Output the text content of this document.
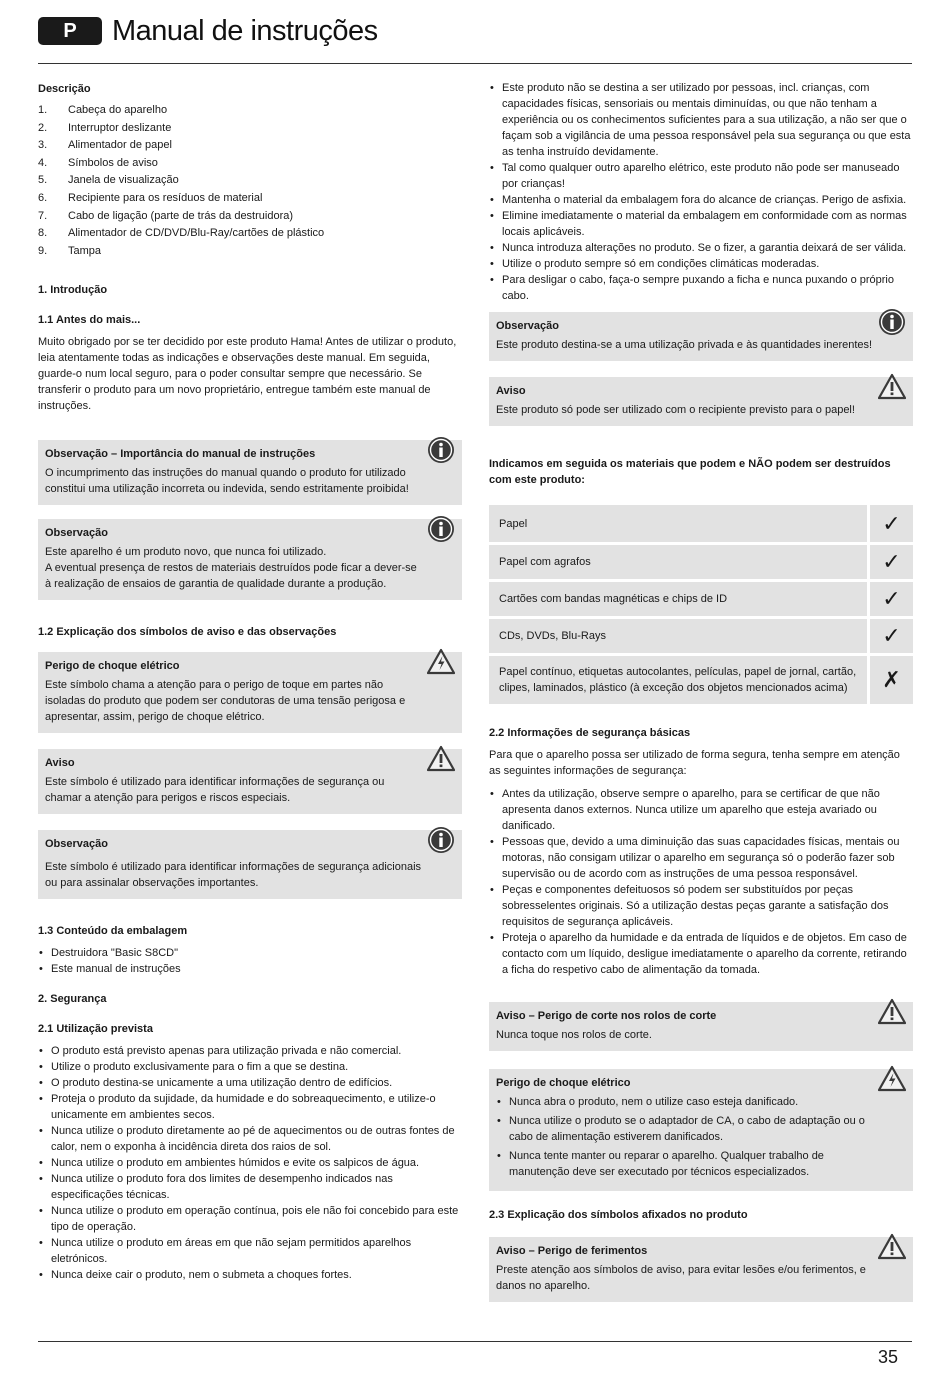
P	Manual de instruções
Descrição
1.	Cabeça do aparelho
2.	Interruptor deslizante
3.	Alimentador de papel
4.	Símbolos de aviso
5.	Janela de visualização
6.	Recipiente para os resíduos de material
7.	Cabo de ligação (parte de trás da destruidora)
8.	Alimentador de CD/DVD/Blu-Ray/cartões de plástico
9.	Tampa
1. Introdução
1.1 Antes do mais...

Muito obrigado por se ter decidido por este produto Hama! Antes de utilizar o produto, leia atentamente todas as indicações e observações deste manual. Em seguida, guarde-o num local seguro, para o poder consultar sempre que necessário. Se transferir o produto para um novo proprietário, entregue também este manual de instruções.

Observação – Importância do manual de instruções

O incumprimento das instruções do manual quando o produto for utilizado constitui uma utilização incorreta ou indevida, sendo estritamente proibida!

Observação

Este aparelho é um produto novo, que nunca foi utilizado.

A eventual presença de restos de materiais destruídos pode ficar a dever-se à realização de ensaios de garantia de qualidade durante a produção.

1.2 Explicação dos símbolos de aviso e das observações
Perigo de choque elétrico

Este símbolo chama a atenção para o perigo de toque em partes não isoladas do produto que podem ser condutoras de uma tensão perigosa e apresentar, assim, perigo de choque elétrico.

Aviso

Este símbolo é utilizado para identificar informações de segurança ou chamar a atenção para perigos e riscos especiais.

Observação

Este símbolo é utilizado para identificar informações de segurança adicionais ou para assinalar observações importantes.

1.3 Conteúdo da embalagem
• Destruidora "Basic S8CD"
• Este manual de instruções
2. Segurança
2.1 Utilização prevista
• O produto está previsto apenas para utilização privada e não comercial.
• Utilize o produto exclusivamente para o fim a que se destina.
• O produto destina-se unicamente a uma utilização dentro de edifícios.
• Proteja o produto da sujidade, da humidade e do sobreaquecimento, e utilize-o unicamente em ambientes secos.
• Nunca utilize o produto diretamente ao pé de aquecimentos ou de outras fontes de calor, nem o exponha à incidência direta dos raios de sol.
• Nunca utilize o produto em ambientes húmidos e evite os salpicos de água.
• Nunca utilize o produto fora dos limites de desempenho indicados nas especificações técnicas.
• Nunca utilize o produto em operação contínua, pois ele não foi concebido para este tipo de operação.
• Nunca utilize o produto em áreas em que não sejam permitidos aparelhos eletrónicos.
• Nunca deixe cair o produto, nem o submeta a choques fortes.
• Este produto não se destina a ser utilizado por pessoas, incl. crianças, com capacidades físicas, sensoriais ou mentais diminuídas, ou que não tenham a experiência ou os conhecimentos suficientes para a sua utilização, a não ser que o façam sob a vigilância de uma pessoa responsável pela sua segurança ou que esta as tenha instruído devidamente.
• Tal como qualquer outro aparelho elétrico, este produto não pode ser manuseado por crianças!
• Mantenha o material da embalagem fora do alcance de crianças. Perigo de asfixia.
• Elimine imediatamente o material da embalagem em conformidade com as normas locais aplicáveis.
• Nunca introduza alterações no produto. Se o fizer, a garantia deixará de ser válida.
• Utilize o produto sempre só em condições climáticas moderadas.
• Para desligar o cabo, faça-o sempre puxando a ficha e nunca puxando o próprio cabo.
Observação

Este produto destina-se a uma utilização privada e às quantidades inerentes!

Aviso

Este produto só pode ser utilizado com o recipiente previsto para o papel!

Indicamos em seguida os materiais que podem e NÃO podem ser destruídos com este produto:
Papel	✓
Papel com agrafos	✓
Cartões com bandas magnéticas e chips de ID	✓
CDs, DVDs, Blu-Rays	✓
Papel contínuo, etiquetas autocolantes, películas, papel de jornal, cartão, clipes, laminados, plástico (à exceção dos objetos mencionados acima)	✗
2.2 Informações de segurança básicas

Para que o aparelho possa ser utilizado de forma segura, tenha sempre em atenção as seguintes informações de segurança:

• Antes da utilização, observe sempre o aparelho, para se certificar de que não apresenta danos externos. Nunca utilize um aparelho que esteja avariado ou danificado.
• Pessoas que, devido a uma diminuição das suas capacidades físicas, mentais ou motoras, não consigam utilizar o aparelho em segurança só o poderão fazer sob supervisão ou de acordo com as instruções de uma pessoa responsável.
• Peças e componentes defeituosos só podem ser substituídos por peças sobresselentes originais. Só a utilização destas peças garante a satisfação dos requisitos de segurança aplicáveis.
• Proteja o aparelho da humidade e da entrada de líquidos e de objetos. Em caso de contacto com um líquido, desligue imediatamente o aparelho da corrente, retirando a ficha do respetivo cabo de alimentação da tomada.
Aviso – Perigo de corte nos rolos de corte

Nunca toque nos rolos de corte.

Perigo de choque elétrico
• Nunca abra o produto, nem o utilize caso esteja danificado.
• Nunca utilize o produto se o adaptador de CA, o cabo de adaptação ou o cabo de alimentação estiverem danificados.
• Nunca tente manter ou reparar o aparelho. Qualquer trabalho de manutenção deve ser executado por técnicos especializados.
2.3 Explicação dos símbolos afixados no produto
Aviso – Perigo de ferimentos

Preste atenção aos símbolos de aviso, para evitar lesões e/ou ferimentos, e danos no aparelho.

35
